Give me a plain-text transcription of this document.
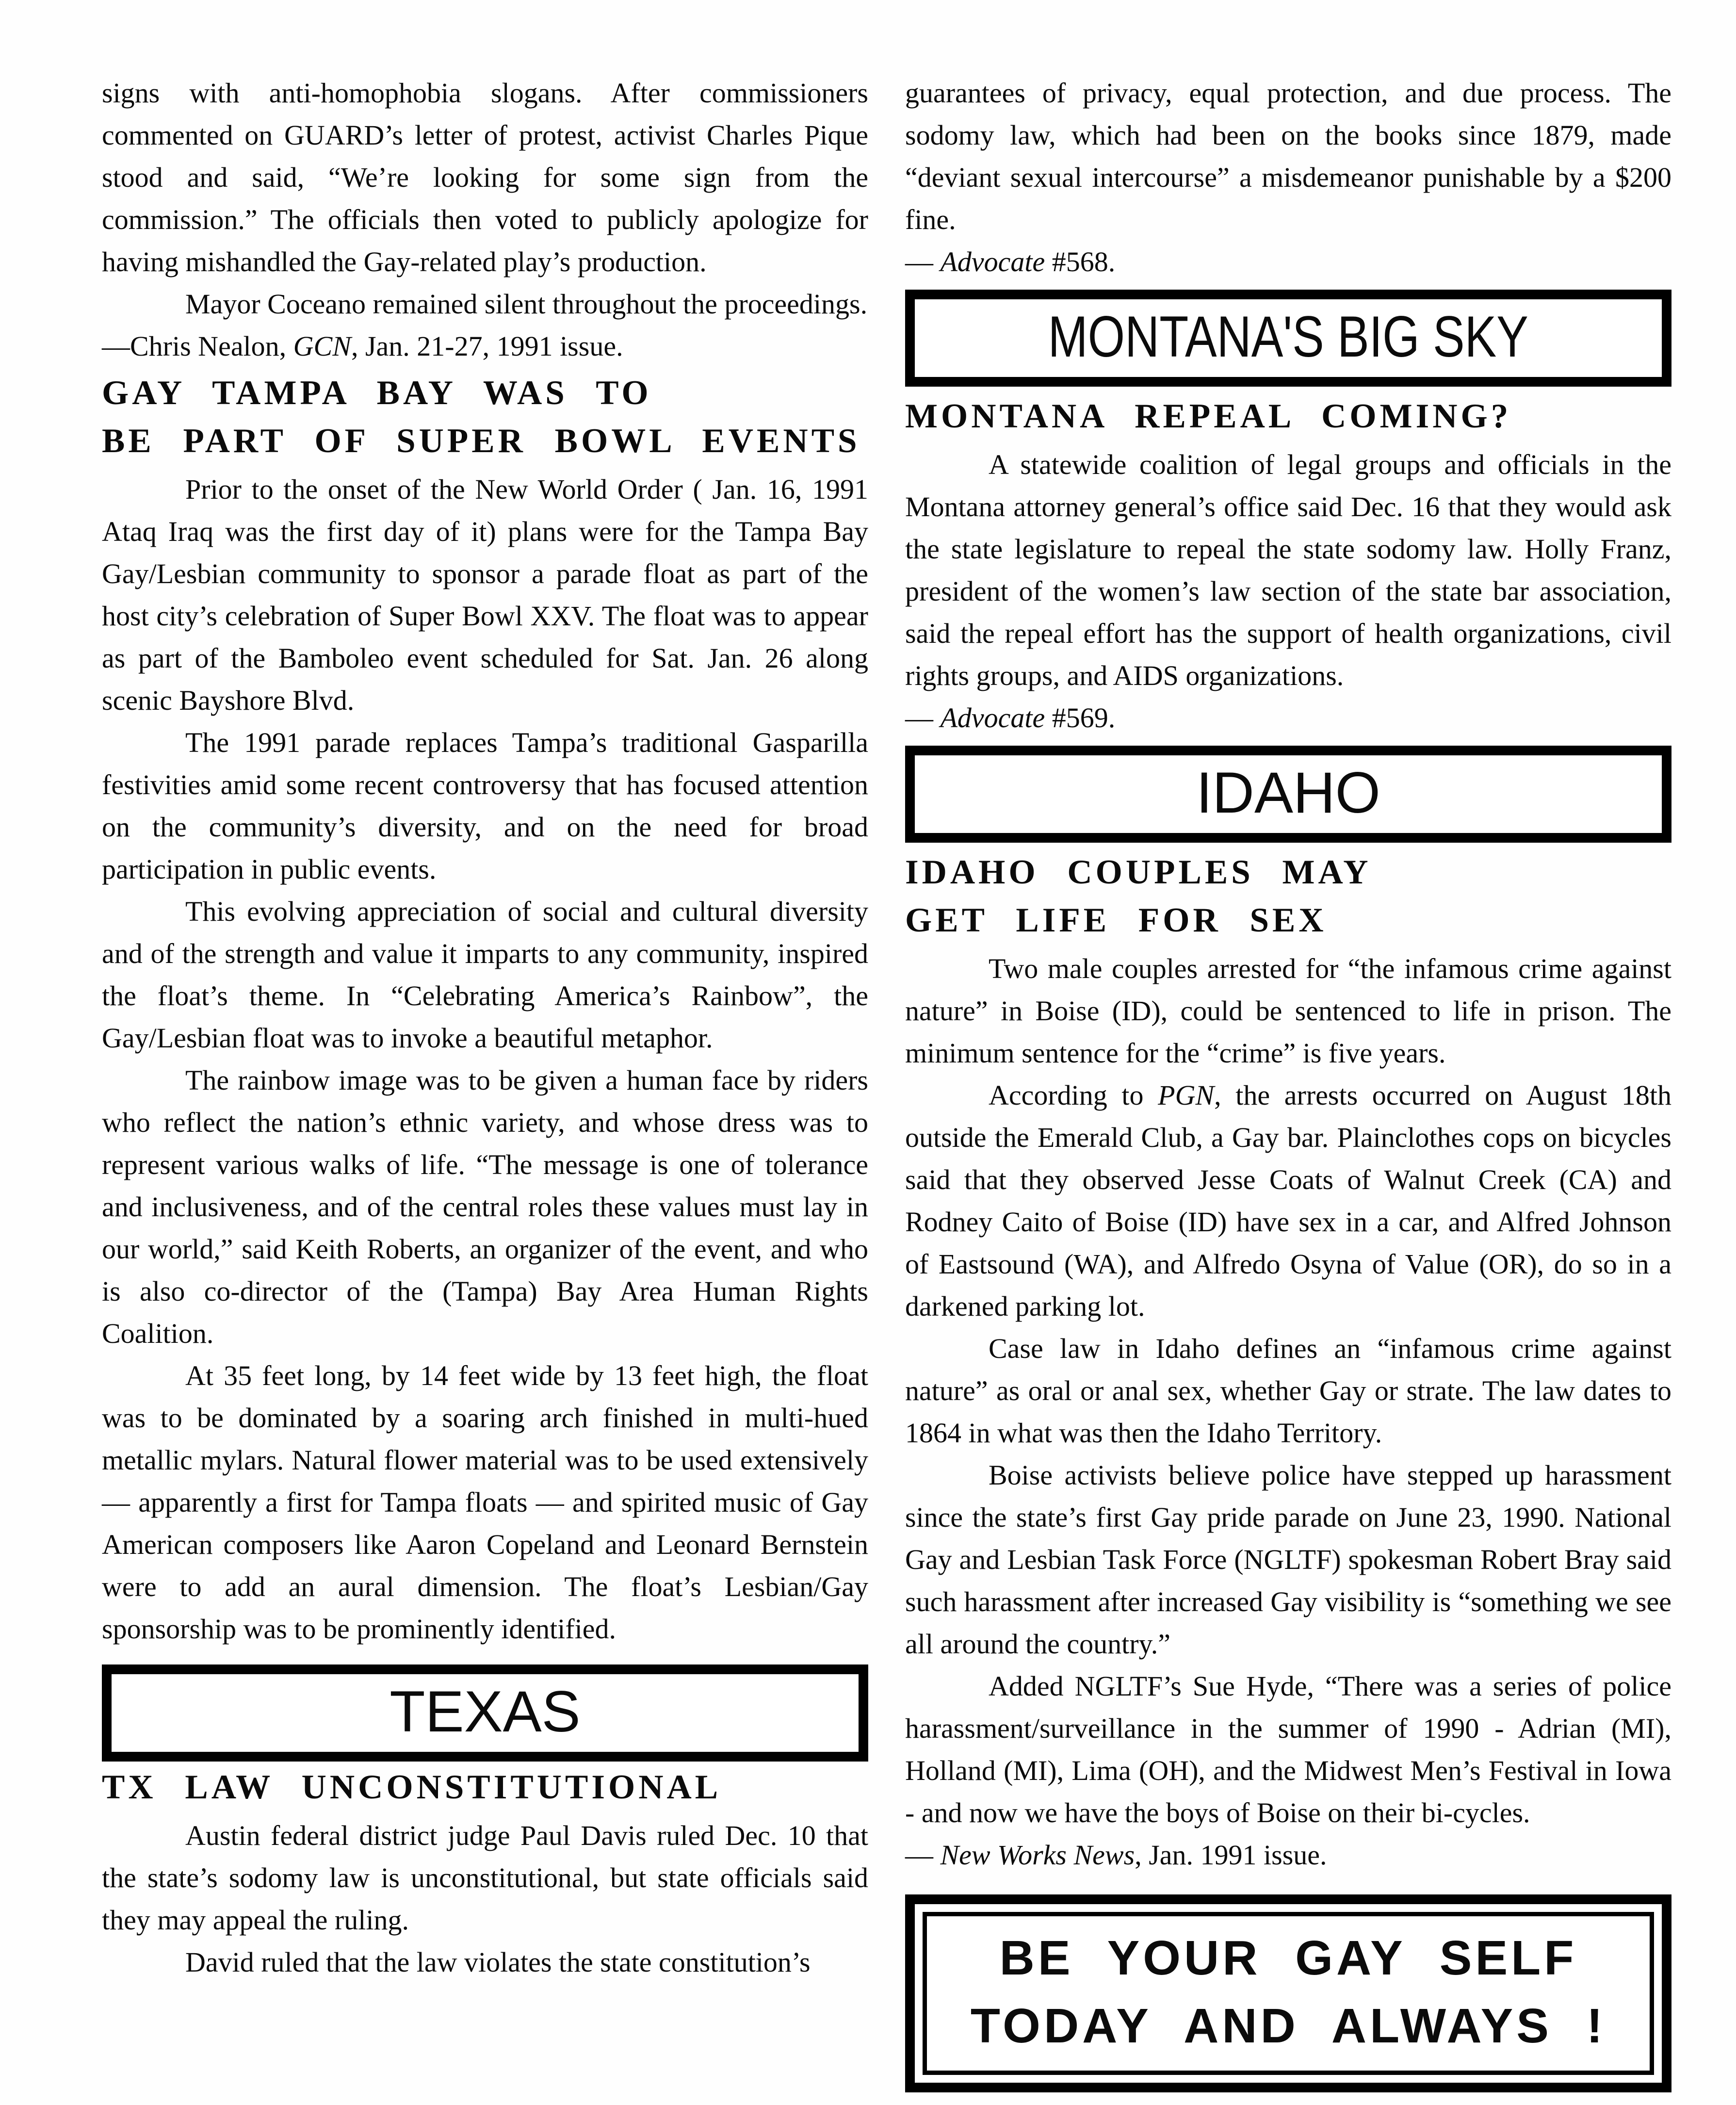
signs with anti-homophobia slogans. After commissioners commented on GUARD’s letter of protest, activist Charles Pique stood and said, “We’re looking for some sign from the commission.” The officials then voted to publicly apologize for having mishandled the Gay-related play’s production.

Mayor Coceano remained silent throughout the proceedings.

—Chris Nealon, GCN, Jan. 21-27, 1991 issue.

GAY TAMPA BAY WAS TO
BE PART OF SUPER BOWL EVENTS

Prior to the onset of the New World Order ( Jan. 16, 1991 Ataq Iraq was the first day of it) plans were for the Tampa Bay Gay/Lesbian community to sponsor a parade float as part of the host city’s celebration of Super Bowl XXV. The float was to appear as part of the Bamboleo event scheduled for Sat. Jan. 26 along scenic Bayshore Blvd.

The 1991 parade replaces Tampa’s traditional Gasparilla festivities amid some recent controversy that has focused attention on the community’s diversity, and on the need for broad participation in public events.

This evolving appreciation of social and cultural diversity and of the strength and value it imparts to any community, inspired the float’s theme. In “Celebrating America’s Rainbow”, the Gay/Lesbian float was to invoke a beautiful metaphor.

The rainbow image was to be given a human face by riders who reflect the nation’s ethnic variety, and whose dress was to represent various walks of life. “The message is one of tolerance and inclusiveness, and of the central roles these values must lay in our world,” said Keith Roberts, an organizer of the event, and who is also co-director of the (Tampa) Bay Area Human Rights Coalition.

At 35 feet long, by 14 feet wide by 13 feet high, the float was to be dominated by a soaring arch finished in multi-hued metallic mylars. Natural flower material was to be used extensively — apparently a first for Tampa floats — and spirited music of Gay American composers like Aaron Copeland and Leonard Bernstein were to add an aural dimension. The float’s Lesbian/Gay sponsorship was to be prominently identified.

TEXAS
TX LAW UNCONSTITUTIONAL

Austin federal district judge Paul Davis ruled Dec. 10 that the state’s sodomy law is unconstitutional, but state officials said they may appeal the ruling.

David ruled that the law violates the state constitution’s

guarantees of privacy, equal protection, and due process. The sodomy law, which had been on the books since 1879, made “deviant sexual intercourse” a misdemeanor punishable by a $200 fine.

— Advocate #568.

MONTANA'S BIG SKY
MONTANA REPEAL COMING?

A statewide coalition of legal groups and officials in the Montana attorney general’s office said Dec. 16 that they would ask the state legislature to repeal the state sodomy law. Holly Franz, president of the women’s law section of the state bar association, said the repeal effort has the support of health organizations, civil rights groups, and AIDS organizations.

— Advocate #569.

IDAHO
IDAHO COUPLES MAY
GET LIFE FOR SEX

Two male couples arrested for “the infamous crime against nature” in Boise (ID), could be sentenced to life in prison. The minimum sentence for the “crime” is five years.

According to PGN, the arrests occurred on August 18th outside the Emerald Club, a Gay bar. Plainclothes cops on bicycles said that they observed Jesse Coats of Walnut Creek (CA) and Rodney Caito of Boise (ID) have sex in a car, and Alfred Johnson of Eastsound (WA), and Alfredo Osyna of Value (OR), do so in a darkened parking lot.

Case law in Idaho defines an “infamous crime against nature” as oral or anal sex, whether Gay or strate. The law dates to 1864 in what was then the Idaho Territory.

Boise activists believe police have stepped up harassment since the state’s first Gay pride parade on June 23, 1990. National Gay and Lesbian Task Force (NGLTF) spokesman Robert Bray said such harassment after increased Gay visibility is “something we see all around the country.”

Added NGLTF’s Sue Hyde, “There was a series of police harassment/surveillance in the summer of 1990 - Adrian (MI), Holland (MI), Lima (OH), and the Midwest Men’s Festival in Iowa - and now we have the boys of Boise on their bi-cycles.

— New Works News, Jan. 1991 issue.

BE YOUR GAY SELF
TODAY AND ALWAYS !
